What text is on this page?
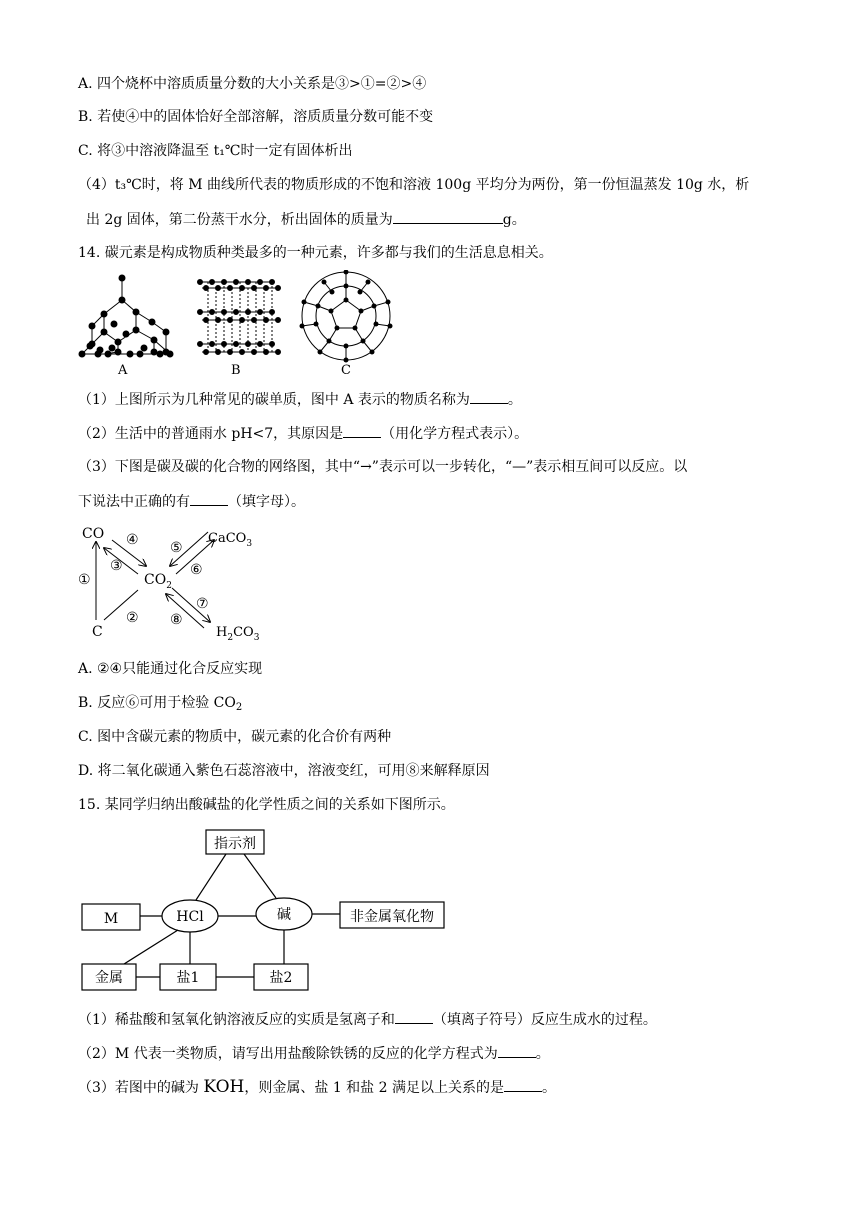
A. 四个烧杯中溶质质量分数的大小关系是③>①=②>④
B. 若使④中的固体恰好全部溶解，溶质质量分数可能不变
C. 将③中溶液降温至 t₁℃时一定有固体析出
（4）t₃℃时，将 M 曲线所代表的物质形成的不饱和溶液 100g 平均分为两份，第一份恒温蒸发 10g 水，析
出 2g 固体，第二份蒸干水分，析出固体的质量为	g。
14. 碳元素是构成物质种类最多的一种元素，许多都与我们的生活息息相关。
A	B	C
（1）上图所示为几种常见的碳单质，图中 A 表示的物质名称为	。
（2）生活中的普通雨水 pH<7，其原因是	（用化学方程式表示）。
（3）下图是碳及碳的化合物的网络图，其中“→”表示可以一步转化，“—”表示相互间可以反应。以
下说法中正确的有	（填字母）。
CO
$CO_2$
C
CaCO$_3$
$H_2CO_3$
①
②
③
④ ⑤
⑥
⑦
⑧
A. ②④只能通过化合反应实现
B. 反应⑥可用于检验 $CO_2$
C. 图中含碳元素的物质中，碳元素的化合价有两种
D. 将二氧化碳通入紫色石蕊溶液中，溶液变红，可用⑧来解释原因
15. 某同学归纳出酸碱盐的化学性质之间的关系如下图所示。
指示剂
M	HCl	碱	非金属氧化物
金属	盐1	盐2
（1）稀盐酸和氢氧化钠溶液反应的实质是氢离子和	（填离子符号）反应生成水的过程。
（2）M 代表一类物质，请写出用盐酸除铁锈的反应的化学方程式为	。
（3）若图中的碱为 KOH，则金属、盐 1 和盐 2 满足以上关系的是	。
